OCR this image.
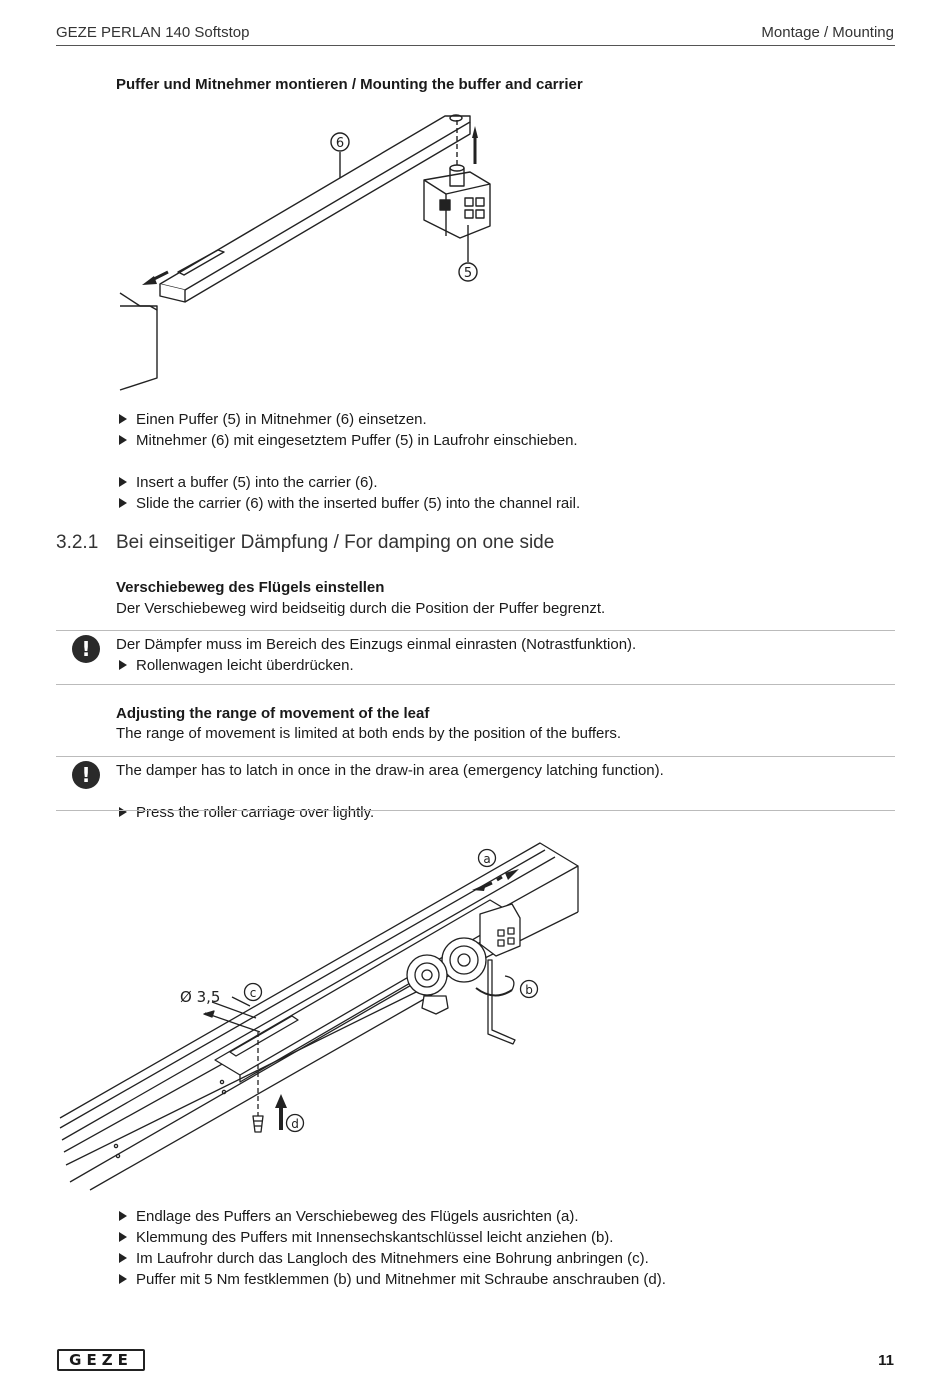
GEZE PERLAN 140 Softstop	Montage / Mounting
Puffer und Mitnehmer montieren / Mounting the buffer and carrier
6
5
Einen Puffer (5) in Mitnehmer (6) einsetzen.
Mitnehmer (6) mit eingesetztem Puffer (5) in Laufrohr einschieben.
Insert a buffer (5) into the carrier (6).
Slide the carrier (6) with the inserted buffer (5) into the channel rail.
3.2.1 Bei einseitiger Dämpfung / For damping on one side
Verschiebeweg des Flügels einstellen
Der Verschiebeweg wird beidseitig durch die Position der Puffer begrenzt.
!	Der Dämpfer muss im Bereich des Einzugs einmal einrasten (Notrastfunktion).
Rollenwagen leicht überdrücken.
Adjusting the range of movement of the leaf
The range of movement is limited at both ends by the position of the buffers.
!	The damper has to latch in once in the draw-in area (emergency latching function).
Press the roller carriage over lightly.
a
b
c
d
Ø 3,5
Endlage des Puffers an Verschiebeweg des Flügels ausrichten (a).
Klemmung des Puffers mit Innensechskantschlüssel leicht anziehen (b).
Im Laufrohr durch das Langloch des Mitnehmers eine Bohrung anbringen (c).
Puffer mit 5 Nm festklemmen (b) und Mitnehmer mit Schraube anschrauben (d).
GEZE	11
